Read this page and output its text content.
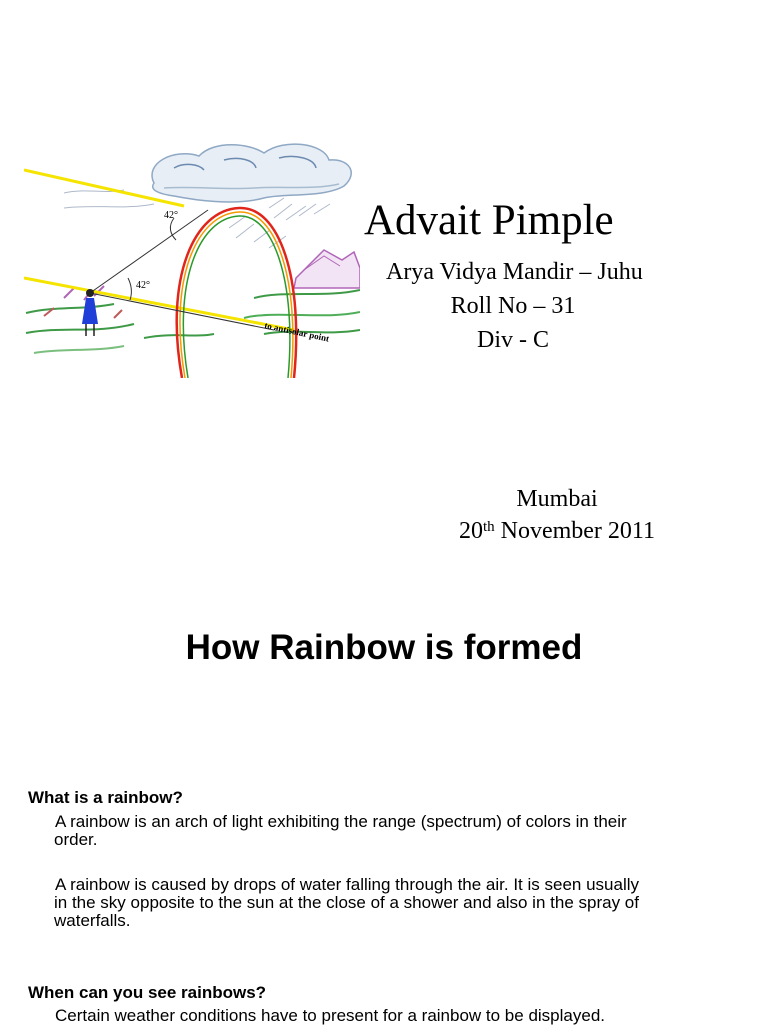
42°
42°
to antisolar point
Advait Pimple
Arya Vidya Mandir – Juhu
Roll No – 31
Div - C
Mumbai
20th November 2011
How Rainbow is formed
What is a rainbow?
A rainbow is an arch of light exhibiting the range (spectrum) of colors in their
order.
A rainbow is caused by drops of water falling through the air. It is seen usually
in the sky opposite to the sun at the close of a shower and also in the spray of
waterfalls.
When can you see rainbows?
Certain weather conditions have to present for a rainbow to be displayed.
